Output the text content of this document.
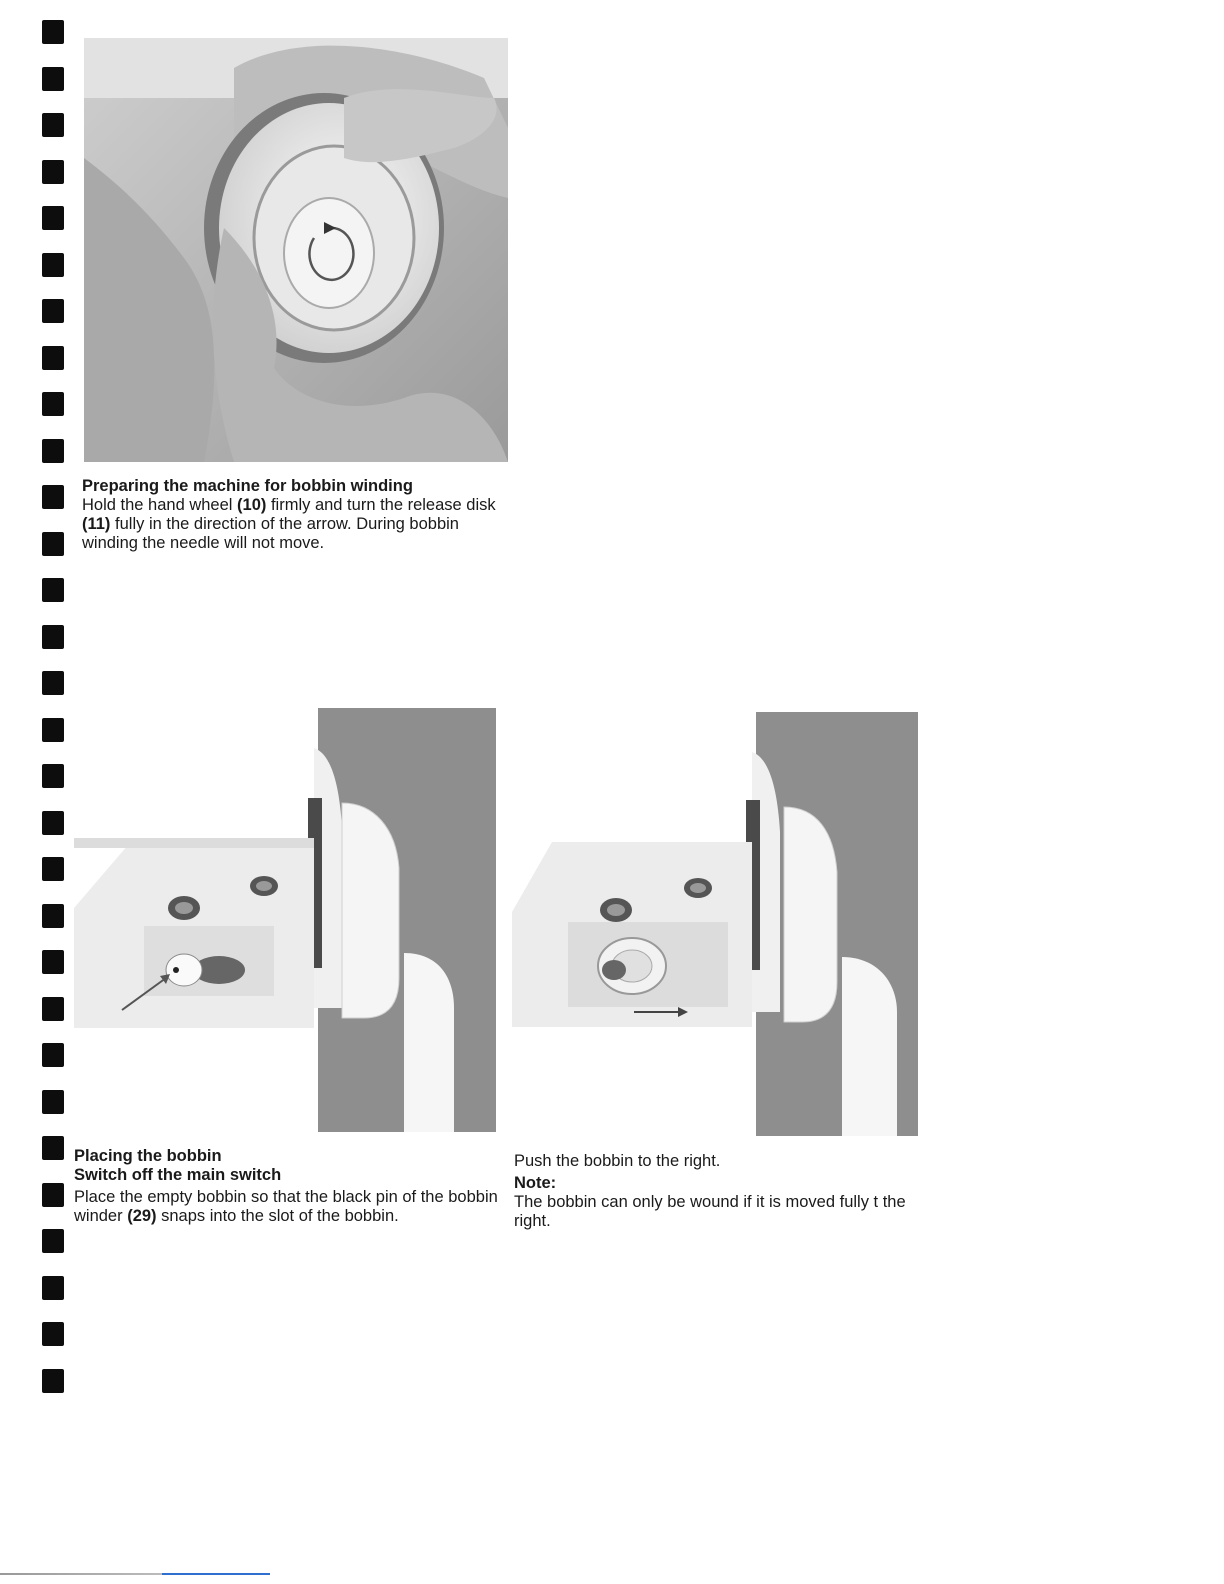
Preparing the machine for bobbin winding

Hold the hand wheel (10) firmly and turn the release disk (11) fully in the direction of the arrow. During bobbin winding the needle will not move.

Placing the bobbin
Switch off the main switch

Place the empty bobbin so that the black pin of the bobbin winder (29) snaps into the slot of the bobbin.

Push the bobbin to the right.

Note:

The bobbin can only be wound if it is moved fully t the right.
